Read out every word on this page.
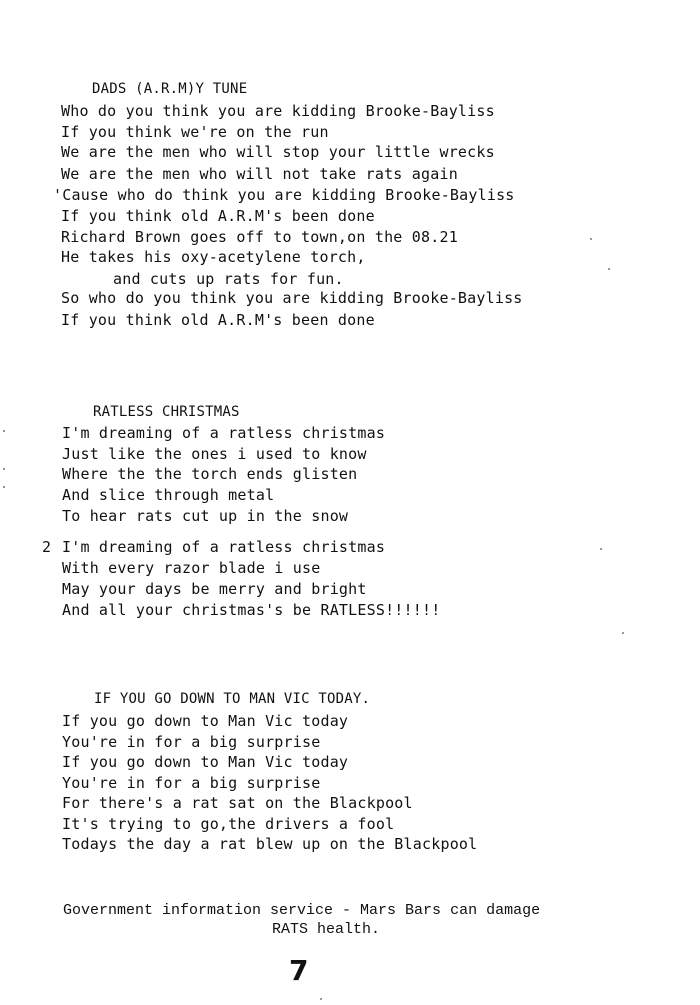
DADS (A.R.M)Y TUNE
Who do you think you are kidding Brooke-Bayliss
If you think we're on the run
We are the men who will stop your little wrecks
We are the men who will not take rats again
'Cause who do think you are kidding Brooke-Bayliss
If you think old A.R.M's been done
Richard Brown goes off to town,on the 08.21
He takes his oxy-acetylene torch,
and cuts up rats for fun.
So who do you think you are kidding Brooke-Bayliss
If you think old A.R.M's been done
RATLESS CHRISTMAS
I'm dreaming of a ratless christmas
Just like the ones i used to know
Where the the torch ends glisten
And slice through metal
To hear rats cut up in the snow
2 I'm dreaming of a ratless christmas
With every razor blade i use
May your days be merry and bright
And all your christmas's be RATLESS!!!!!!
IF YOU GO DOWN TO MAN VIC TODAY.
If you go down to Man Vic today
You're in for a big surprise
If you go down to Man Vic today
You're in for a big surprise
For there's a rat sat on the Blackpool
It's trying to go,the drivers a fool
Todays the day a rat blew up on the Blackpool
Government information service - Mars Bars can damage
RATS health.
7
